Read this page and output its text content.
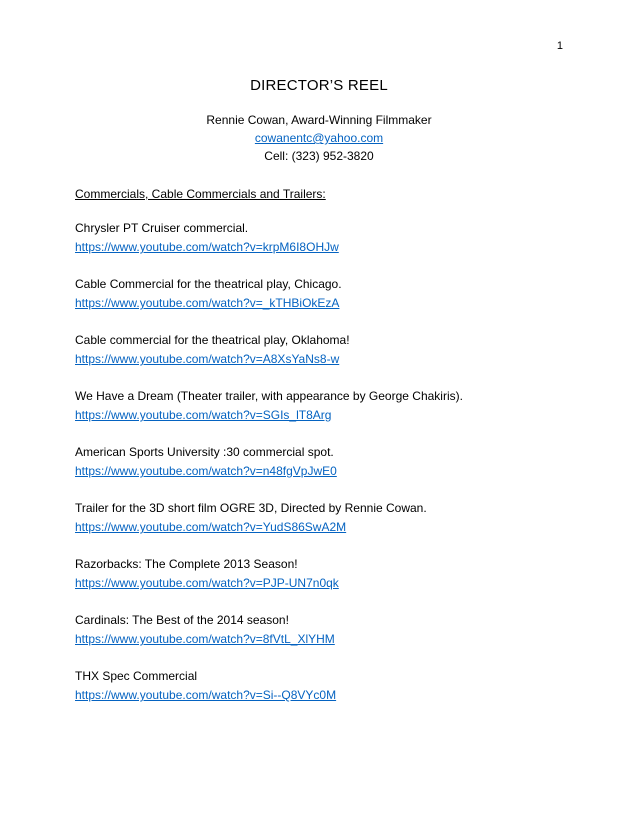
1
DIRECTOR’S REEL
Rennie Cowan, Award-Winning Filmmaker
cowanentc@yahoo.com
Cell: (323) 952-3820
Commercials, Cable Commercials and Trailers:
Chrysler PT Cruiser commercial.
https://www.youtube.com/watch?v=krpM6I8OHJw
Cable Commercial for the theatrical play, Chicago.
https://www.youtube.com/watch?v=_kTHBiOkEzA
Cable commercial for the theatrical play, Oklahoma!
https://www.youtube.com/watch?v=A8XsYaNs8-w
We Have a Dream (Theater trailer, with appearance by George Chakiris).
https://www.youtube.com/watch?v=SGIs_lT8Arg
American Sports University :30 commercial spot.
https://www.youtube.com/watch?v=n48fgVpJwE0
Trailer for the 3D short film OGRE 3D, Directed by Rennie Cowan.
https://www.youtube.com/watch?v=YudS86SwA2M
Razorbacks: The Complete 2013 Season!
https://www.youtube.com/watch?v=PJP-UN7n0qk
Cardinals: The Best of the 2014 season!
https://www.youtube.com/watch?v=8fVtL_XlYHM
THX Spec Commercial
https://www.youtube.com/watch?v=Si--Q8VYc0M
